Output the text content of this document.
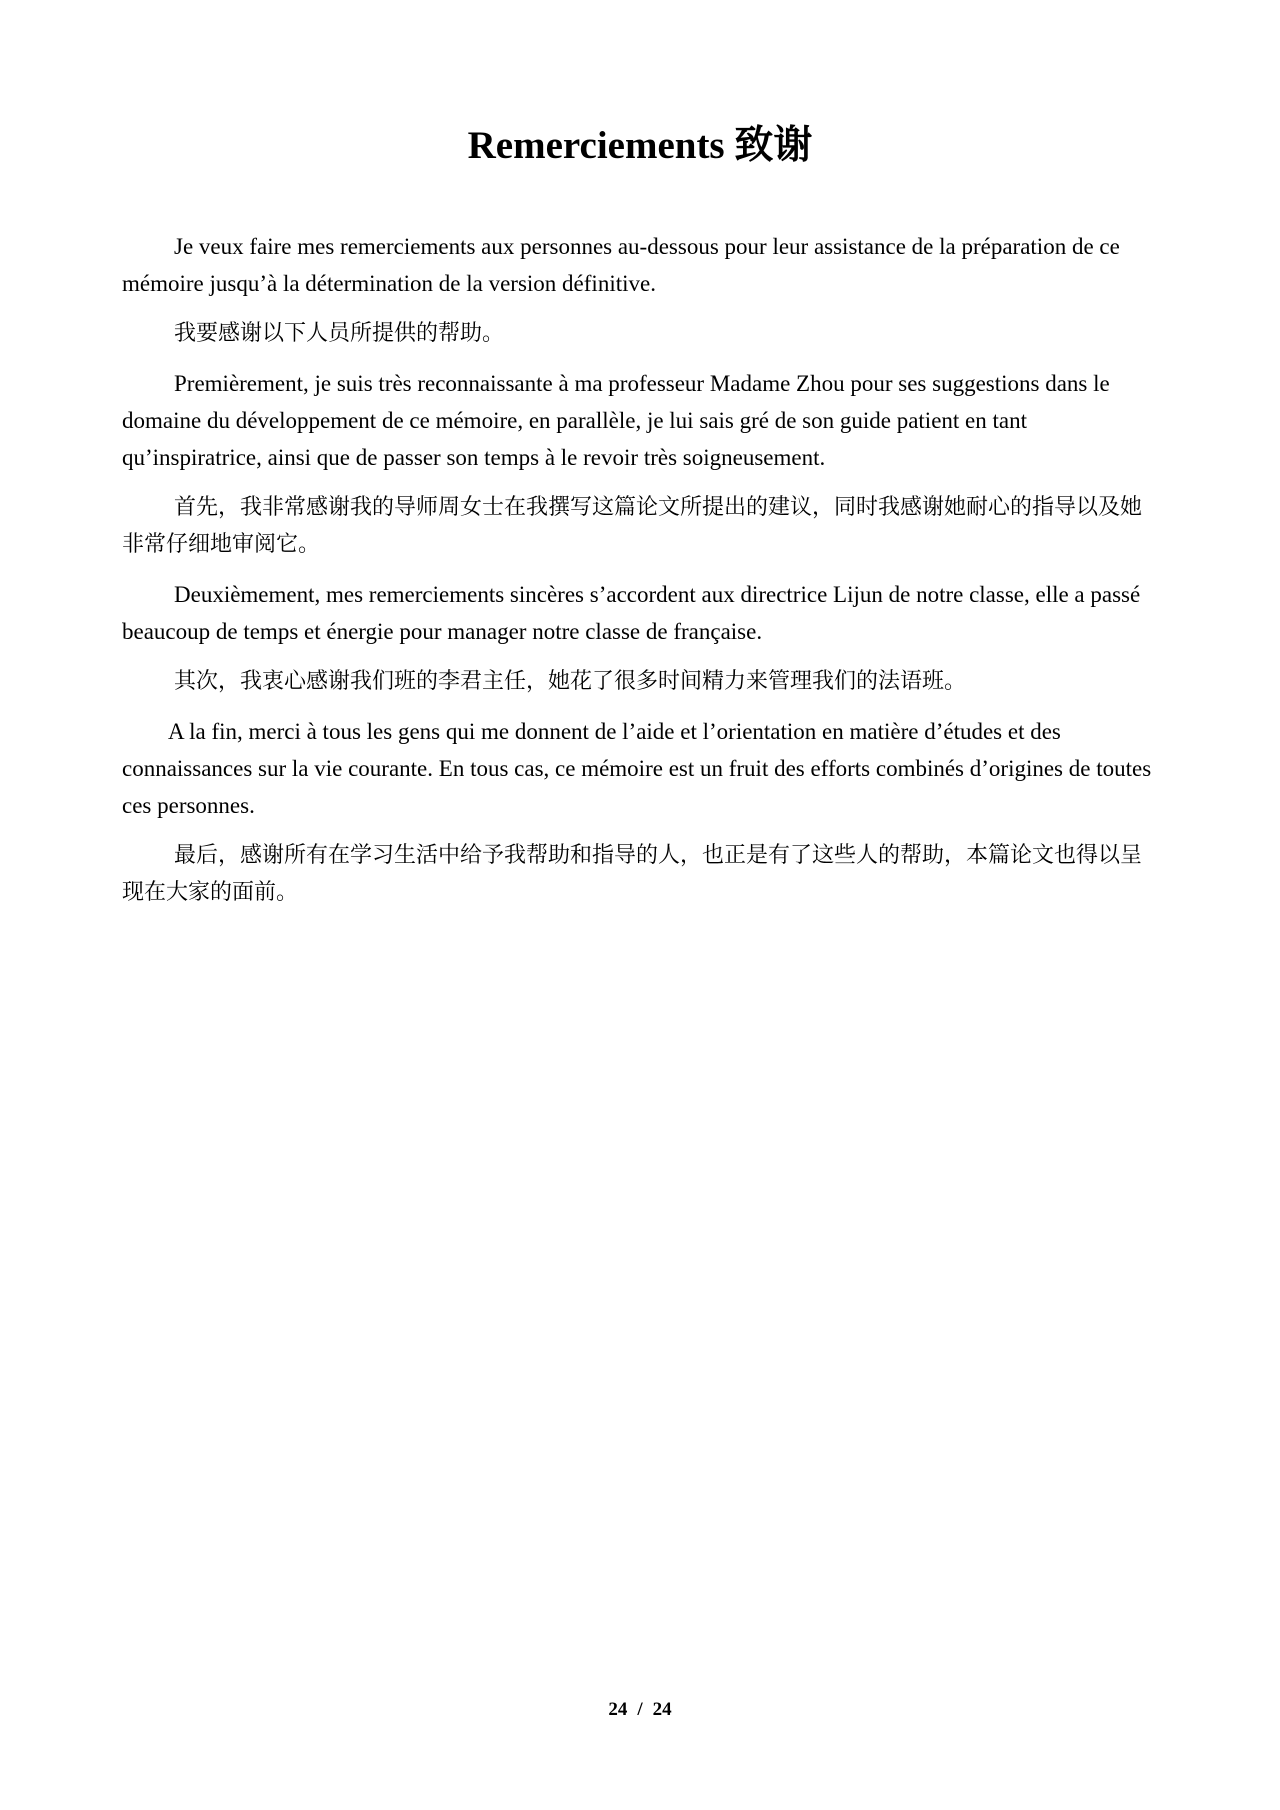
Remerciements 致谢

Je veux faire mes remerciements aux personnes au-dessous pour leur assistance de la préparation de ce mémoire jusqu’à la détermination de la version définitive.

我要感谢以下人员所提供的帮助。

Premièrement, je suis très reconnaissante à ma professeur Madame Zhou pour ses suggestions dans le domaine du développement de ce mémoire, en parallèle, je lui sais gré de son guide patient en tant qu’inspiratrice, ainsi que de passer son temps à le revoir très soigneusement.

首先，我非常感谢我的导师周女士在我撰写这篇论文所提出的建议，同时我感谢她耐心的指导以及她非常仔细地审阅它。

Deuxièmement, mes remerciements sincères s’accordent aux directrice Lijun de notre classe, elle a passé beaucoup de temps et énergie pour manager notre classe de française.

其次，我衷心感谢我们班的李君主任，她花了很多时间精力来管理我们的法语班。

A la fin, merci à tous les gens qui me donnent de l’aide et l’orientation en matière d’études et des connaissances sur la vie courante. En tous cas, ce mémoire est un fruit des efforts combinés d’origines de toutes ces personnes.

最后，感谢所有在学习生活中给予我帮助和指导的人，也正是有了这些人的帮助，本篇论文也得以呈现在大家的面前。

24 / 24
